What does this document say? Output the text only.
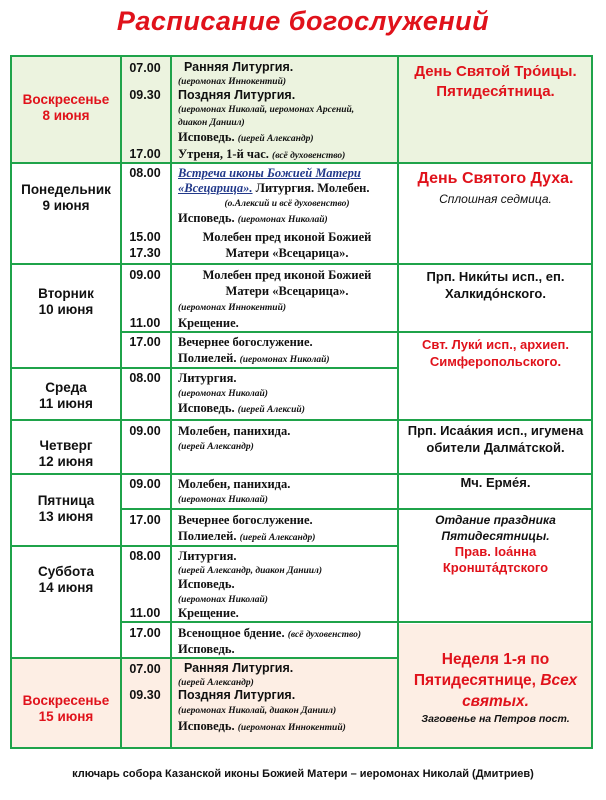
Расписание богослужений
Воскресенье
8 июня
Понедельник
9 июня
Вторник
10 июня
Среда
11 июня
Четверг
12 июня
Пятница
13 июня
Суббота
14 июня
Воскресенье
15 июня
07.00
09.30
17.00
08.00
15.00
17.30
09.00
11.00
17.00
08.00
09.00
09.00
17.00
08.00
11.00
17.00
07.00
09.30
Ранняя Литургия.
(иеромонах Иннокентий)
Поздняя Литургия.
(иеромонах Николай, иеромонах Арсений,
диакон Даниил)
Исповедь. (иерей Александр)
Утреня, 1-й час. (всё духовенство)
Встреча иконы Божией Матери
«Всецарица». Литургия. Молебен.
(о.Алексий и всё духовенство)
Исповедь. (иеромонах Николай)
Молебен пред иконой Божией
Матери «Всецарица».
Молебен пред иконой Божией
Матери «Всецарица».
(иеромонах Иннокентий)
Крещение.
Вечернее богослужение.
Полиелей. (иеромонах Николай)
Литургия.
(иеромонах Николай)
Исповедь. (иерей Алексий)
Молебен, панихида.
(иерей Александр)
Молебен, панихида.
(иеромонах Николай)
Вечернее богослужение.
Полиелей. (иерей Александр)
Литургия.
(иерей Александр, диакон Даниил)
Исповедь.
(иеромонах Николай)
Крещение.
Всенощное бдение. (всё духовенство)
Исповедь.
Ранняя Литургия.
(иерей Александр)
Поздняя Литургия.
(иеромонах Николай, диакон Даниил)
Исповедь. (иеромонах Иннокентий)
День Святой Тро́ицы.
Пятидеся́тница.
День Святого Духа.
Сплошная седмица.
Прп. Ники́ты исп., еп.
Халкидо́нского.
Свт. Луки́ исп., архиеп.
Симферопольского.
Прп. Исаа́кия исп., игумена
обители Далма́тской.
Мч. Ерме́я.
Отдание праздника
Пятидесятницы.
Прав. Ioа́нна
Кроншта́дтского
Неделя 1-я по
Пятидесятнице, Всех
святых.
Заговенье на Петров пост.
ключарь собора Казанской иконы Божией Матери – иеромонах Николай (Дмитриев)
